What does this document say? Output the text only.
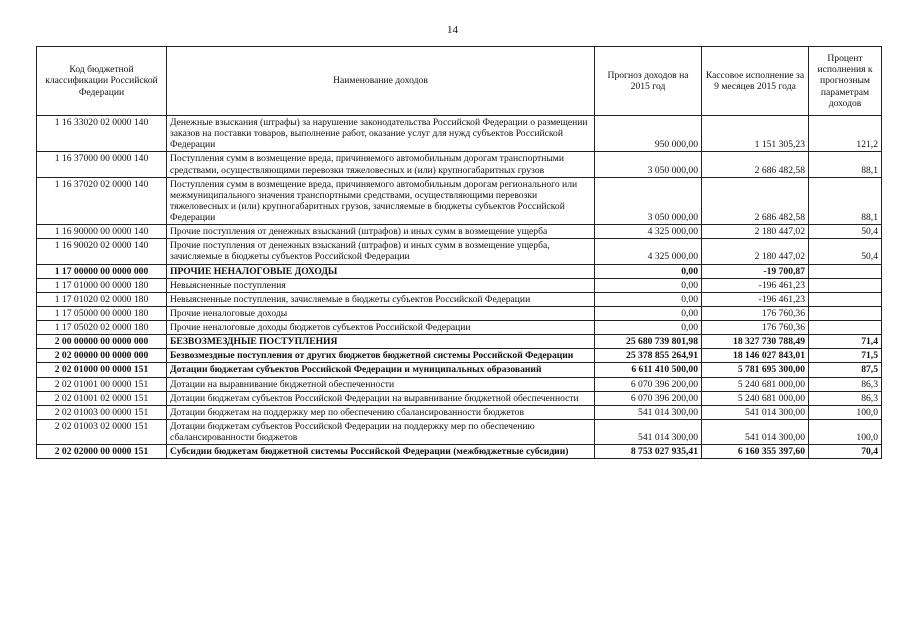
14
Код бюджетной классификации Российской Федерации	Наименование доходов	Прогноз доходов на 2015 год	Кассовое исполнение за 9 месяцев 2015 года	Процент исполнения к прогнозным параметрам доходов
1 16 33020 02 0000 140	Денежные взыскания (штрафы) за нарушение законодательства Российской Федерации о размещении заказов на поставки товаров, выполнение работ, оказание услуг для нужд субъектов Российской Федерации	950 000,00	1 151 305,23	121,2
1 16 37000 00 0000 140	Поступления сумм в возмещение вреда, причиняемого автомобильным дорогам транспортными средствами, осуществляющими перевозки тяжеловесных и (или) крупногабаритных грузов	3 050 000,00	2 686 482,58	88,1
1 16 37020 02 0000 140	Поступления сумм в возмещение вреда, причиняемого автомобильным дорогам регионального или межмуниципального значения транспортными средствами, осуществляющими перевозки тяжеловесных и (или) крупногабаритных грузов, зачисляемые в бюджеты субъектов Российской Федерации	3 050 000,00	2 686 482,58	88,1
1 16 90000 00 0000 140	Прочие поступления от денежных взысканий (штрафов) и иных сумм в возмещение ущерба	4 325 000,00	2 180 447,02	50,4
1 16 90020 02 0000 140	Прочие поступления от денежных взысканий (штрафов) и иных сумм в возмещение ущерба, зачисляемые в бюджеты субъектов Российской Федерации	4 325 000,00	2 180 447,02	50,4
1 17 00000 00 0000 000	ПРОЧИЕ НЕНАЛОГОВЫЕ ДОХОДЫ	0,00	-19 700,87	
1 17 01000 00 0000 180	Невыясненные поступления	0,00	-196 461,23	
1 17 01020 02 0000 180	Невыясненные поступления, зачисляемые в бюджеты субъектов Российской Федерации	0,00	-196 461,23	
1 17 05000 00 0000 180	Прочие неналоговые доходы	0,00	176 760,36	
1 17 05020 02 0000 180	Прочие неналоговые доходы бюджетов субъектов Российской Федерации	0,00	176 760,36	
2 00 00000 00 0000 000	БЕЗВОЗМЕЗДНЫЕ ПОСТУПЛЕНИЯ	25 680 739 801,98	18 327 730 788,49	71,4
2 02 00000 00 0000 000	Безвозмездные поступления от других бюджетов бюджетной системы Российской Федерации	25 378 855 264,91	18 146 027 843,01	71,5
2 02 01000 00 0000 151	Дотации бюджетам субъектов Российской Федерации и муниципальных образований	6 611 410 500,00	5 781 695 300,00	87,5
2 02 01001 00 0000 151	Дотации на выравнивание бюджетной обеспеченности	6 070 396 200,00	5 240 681 000,00	86,3
2 02 01001 02 0000 151	Дотации бюджетам субъектов Российской Федерации на выравнивание бюджетной обеспеченности	6 070 396 200,00	5 240 681 000,00	86,3
2 02 01003 00 0000 151	Дотации бюджетам на поддержку мер по обеспечению сбалансированности бюджетов	541 014 300,00	541 014 300,00	100,0
2 02 01003 02 0000 151	Дотации бюджетам субъектов Российской Федерации на поддержку мер по обеспечению сбалансированности бюджетов	541 014 300,00	541 014 300,00	100,0
2 02 02000 00 0000 151	Субсидии бюджетам бюджетной системы Российской Федерации (межбюджетные субсидии)	8 753 027 935,41	6 160 355 397,60	70,4
